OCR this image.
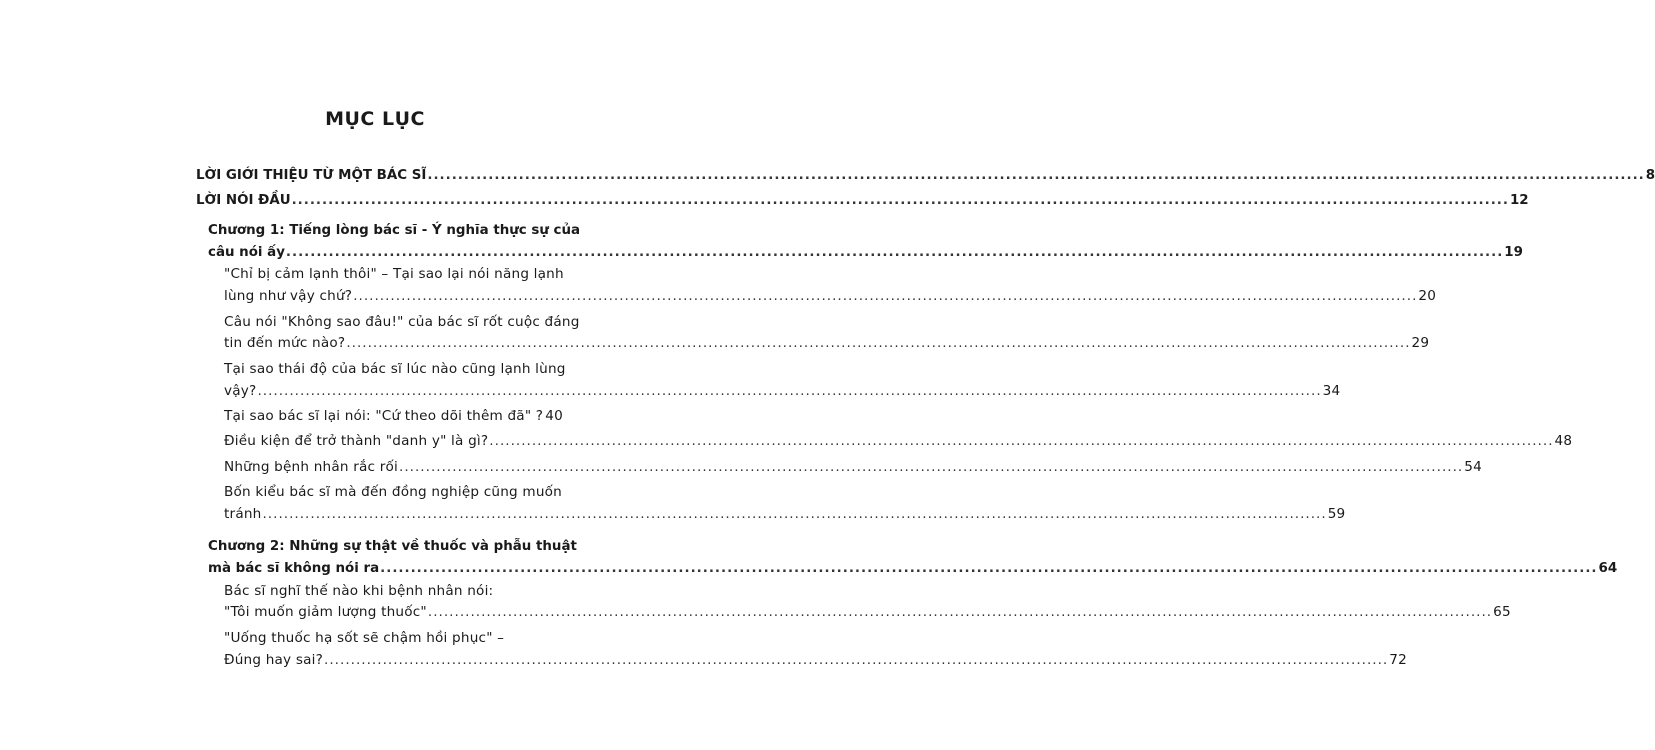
MỤC LỤC
LỜI GIỚI THIỆU TỪ MỘT BÁC SĨ .....	8
LỜI NÓI ĐẦU .....	12
Chương 1: Tiếng lòng bác sĩ - Ý nghĩa thực sự của
câu nói ấy .....	19
"Chỉ bị cảm lạnh thôi" – Tại sao lại nói năng lạnh
lùng như vậy chứ? .....	20
Câu nói "Không sao đâu!" của bác sĩ rốt cuộc đáng
tin đến mức nào? .....	29
Tại sao thái độ của bác sĩ lúc nào cũng lạnh lùng
vậy? .....	34
Tại sao bác sĩ lại nói: "Cứ theo dõi thêm đã" ? 40
Điều kiện để trở thành "danh y" là gì? .....	48
Những bệnh nhân rắc rối .....	54
Bốn kiểu bác sĩ mà đến đồng nghiệp cũng muốn
tránh .....	59
Chương 2: Những sự thật về thuốc và phẫu thuật
mà bác sĩ không nói ra .....	64
Bác sĩ nghĩ thế nào khi bệnh nhân nói:
"Tôi muốn giảm lượng thuốc" .....	65
"Uống thuốc hạ sốt sẽ chậm hồi phục" –
Đúng hay sai? .....	72
